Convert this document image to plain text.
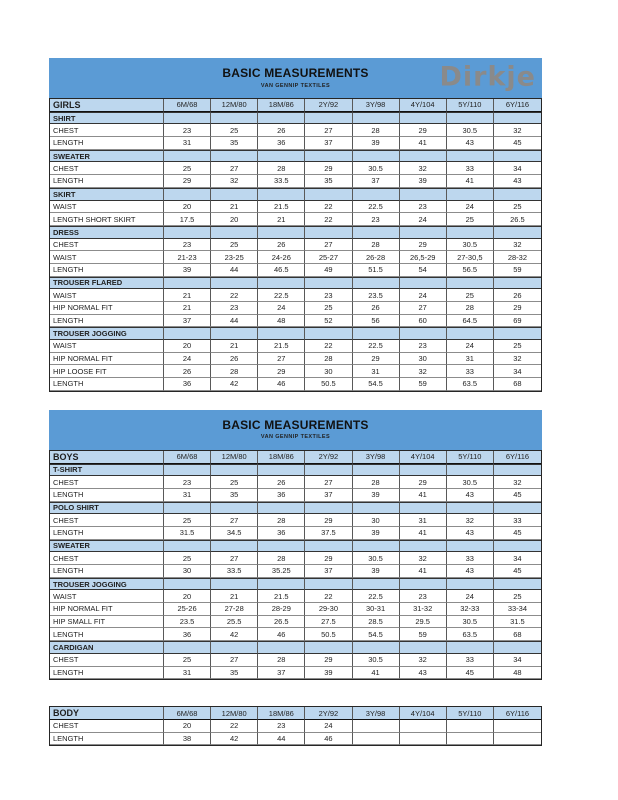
BASIC MEASUREMENTS
VAN GENNIP TEXTILES	Dirkje
GIRLS	6M/68	12M/80	18M/86	2Y/92	3Y/98	4Y/104	5Y/110	6Y/116
SHIRT
CHEST	23	25	26	27	28	29	30.5	32
LENGTH	31	35	36	37	39	41	43	45
SWEATER
CHEST	25	27	28	29	30.5	32	33	34
LENGTH	29	32	33.5	35	37	39	41	43
SKIRT
WAIST	20	21	21.5	22	22.5	23	24	25
LENGTH SHORT SKIRT	17.5	20	21	22	23	24	25	26.5
DRESS
CHEST	23	25	26	27	28	29	30.5	32
WAIST	21-23	23-25	24-26	25-27	26-28	26,5-29	27-30,5	28-32
LENGTH	39	44	46.5	49	51.5	54	56.5	59
TROUSER FLARED
WAIST	21	22	22.5	23	23.5	24	25	26
HIP NORMAL FIT	21	23	24	25	26	27	28	29
LENGTH	37	44	48	52	56	60	64.5	69
TROUSER JOGGING
WAIST	20	21	21.5	22	22.5	23	24	25
HIP NORMAL FIT	24	26	27	28	29	30	31	32
HIP LOOSE FIT	26	28	29	30	31	32	33	34
LENGTH	36	42	46	50.5	54.5	59	63.5	68
BASIC MEASUREMENTS
VAN GENNIP TEXTILES
BOYS	6M/68	12M/80	18M/86	2Y/92	3Y/98	4Y/104	5Y/110	6Y/116
T-SHIRT
CHEST	23	25	26	27	28	29	30.5	32
LENGTH	31	35	36	37	39	41	43	45
POLO SHIRT
CHEST	25	27	28	29	30	31	32	33
LENGTH	31.5	34.5	36	37.5	39	41	43	45
SWEATER
CHEST	25	27	28	29	30.5	32	33	34
LENGTH	30	33.5	35.25	37	39	41	43	45
TROUSER JOGGING
WAIST	20	21	21.5	22	22.5	23	24	25
HIP NORMAL FIT	25-26	27-28	28-29	29-30	30-31	31-32	32-33	33-34
HIP SMALL FIT	23.5	25.5	26.5	27.5	28.5	29.5	30.5	31.5
LENGTH	36	42	46	50.5	54.5	59	63.5	68
CARDIGAN
CHEST	25	27	28	29	30.5	32	33	34
LENGTH	31	35	37	39	41	43	45	48
BODY	6M/68	12M/80	18M/86	2Y/92	3Y/98	4Y/104	5Y/110	6Y/116
CHEST	20	22	23	24
LENGTH	38	42	44	46
